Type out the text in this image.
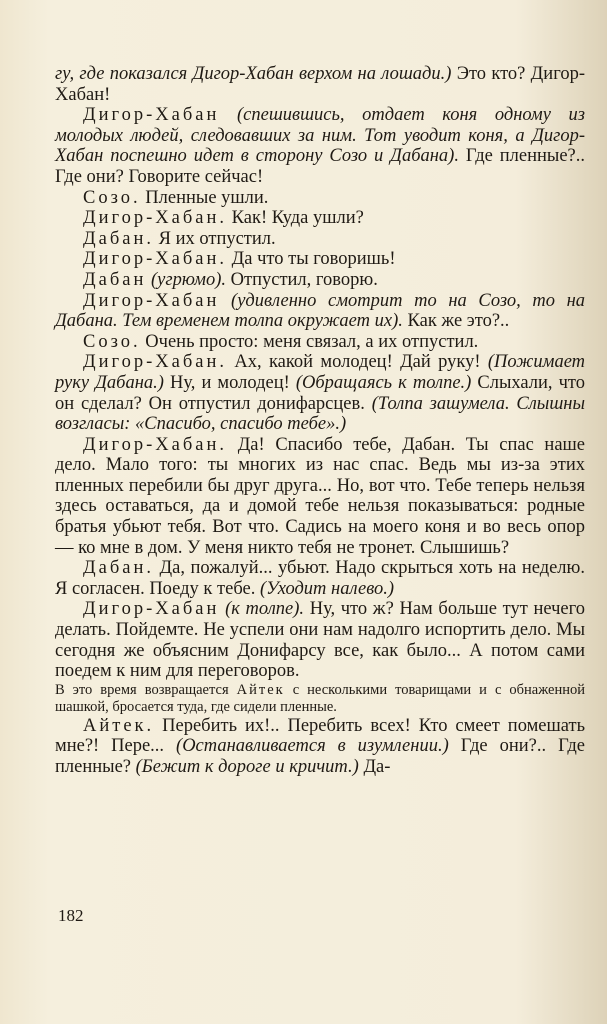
гу, где показался Дигор-Хабан верхом на лошади.) Это кто? Дигор-Хабан!

Дигор-Хабан (спешившись, отдает коня одному из молодых людей, следовавших за ним. Тот уводит коня, а Дигор-Хабан поспешно идет в сторону Созо и Дабана). Где пленные?.. Где они? Говорите сейчас!

Созо. Пленные ушли.

Дигор-Хабан. Как! Куда ушли?

Дабан. Я их отпустил.

Дигор-Хабан. Да что ты говоришь!

Дабан (угрюмо). Отпустил, говорю.

Дигор-Хабан (удивленно смотрит то на Созо, то на Дабана. Тем временем толпа окружает их). Как же это?..

Созо. Очень просто: меня связал, а их отпустил.

Дигор-Хабан. Ах, какой молодец! Дай руку! (Пожимает руку Дабана.) Ну, и молодец! (Обращаясь к толпе.) Слыхали, что он сделал? Он отпустил донифарсцев. (Толпа зашумела. Слышны возгласы: «Спасибо, спасибо тебе».)

Дигор-Хабан. Да! Спасибо тебе, Дабан. Ты спас наше дело. Мало того: ты многих из нас спас. Ведь мы из-за этих пленных перебили бы друг друга... Но, вот что. Тебе теперь нельзя здесь оставаться, да и домой тебе нельзя показываться: родные братья убьют тебя. Вот что. Садись на моего коня и во весь опор — ко мне в дом. У меня никто тебя не тронет. Слышишь?

Дабан. Да, пожалуй... убьют. Надо скрыться хоть на неделю. Я согласен. Поеду к тебе. (Уходит налево.)

Дигор-Хабан (к толпе). Ну, что ж? Нам больше тут нечего делать. Пойдемте. Не успели они нам надолго испортить дело. Мы сегодня же объясним Донифарсу все, как было... А потом сами поедем к ним для переговоров.

В это время возвращается Айтек с несколькими товарищами и с обнаженной шашкой, бросается туда, где сидели пленные.

Айтек. Перебить их!.. Перебить всех! Кто смеет помешать мне?! Пере... (Останавливается в изумлении.) Где они?.. Где пленные? (Бежит к дороге и кричит.) Да-

182
